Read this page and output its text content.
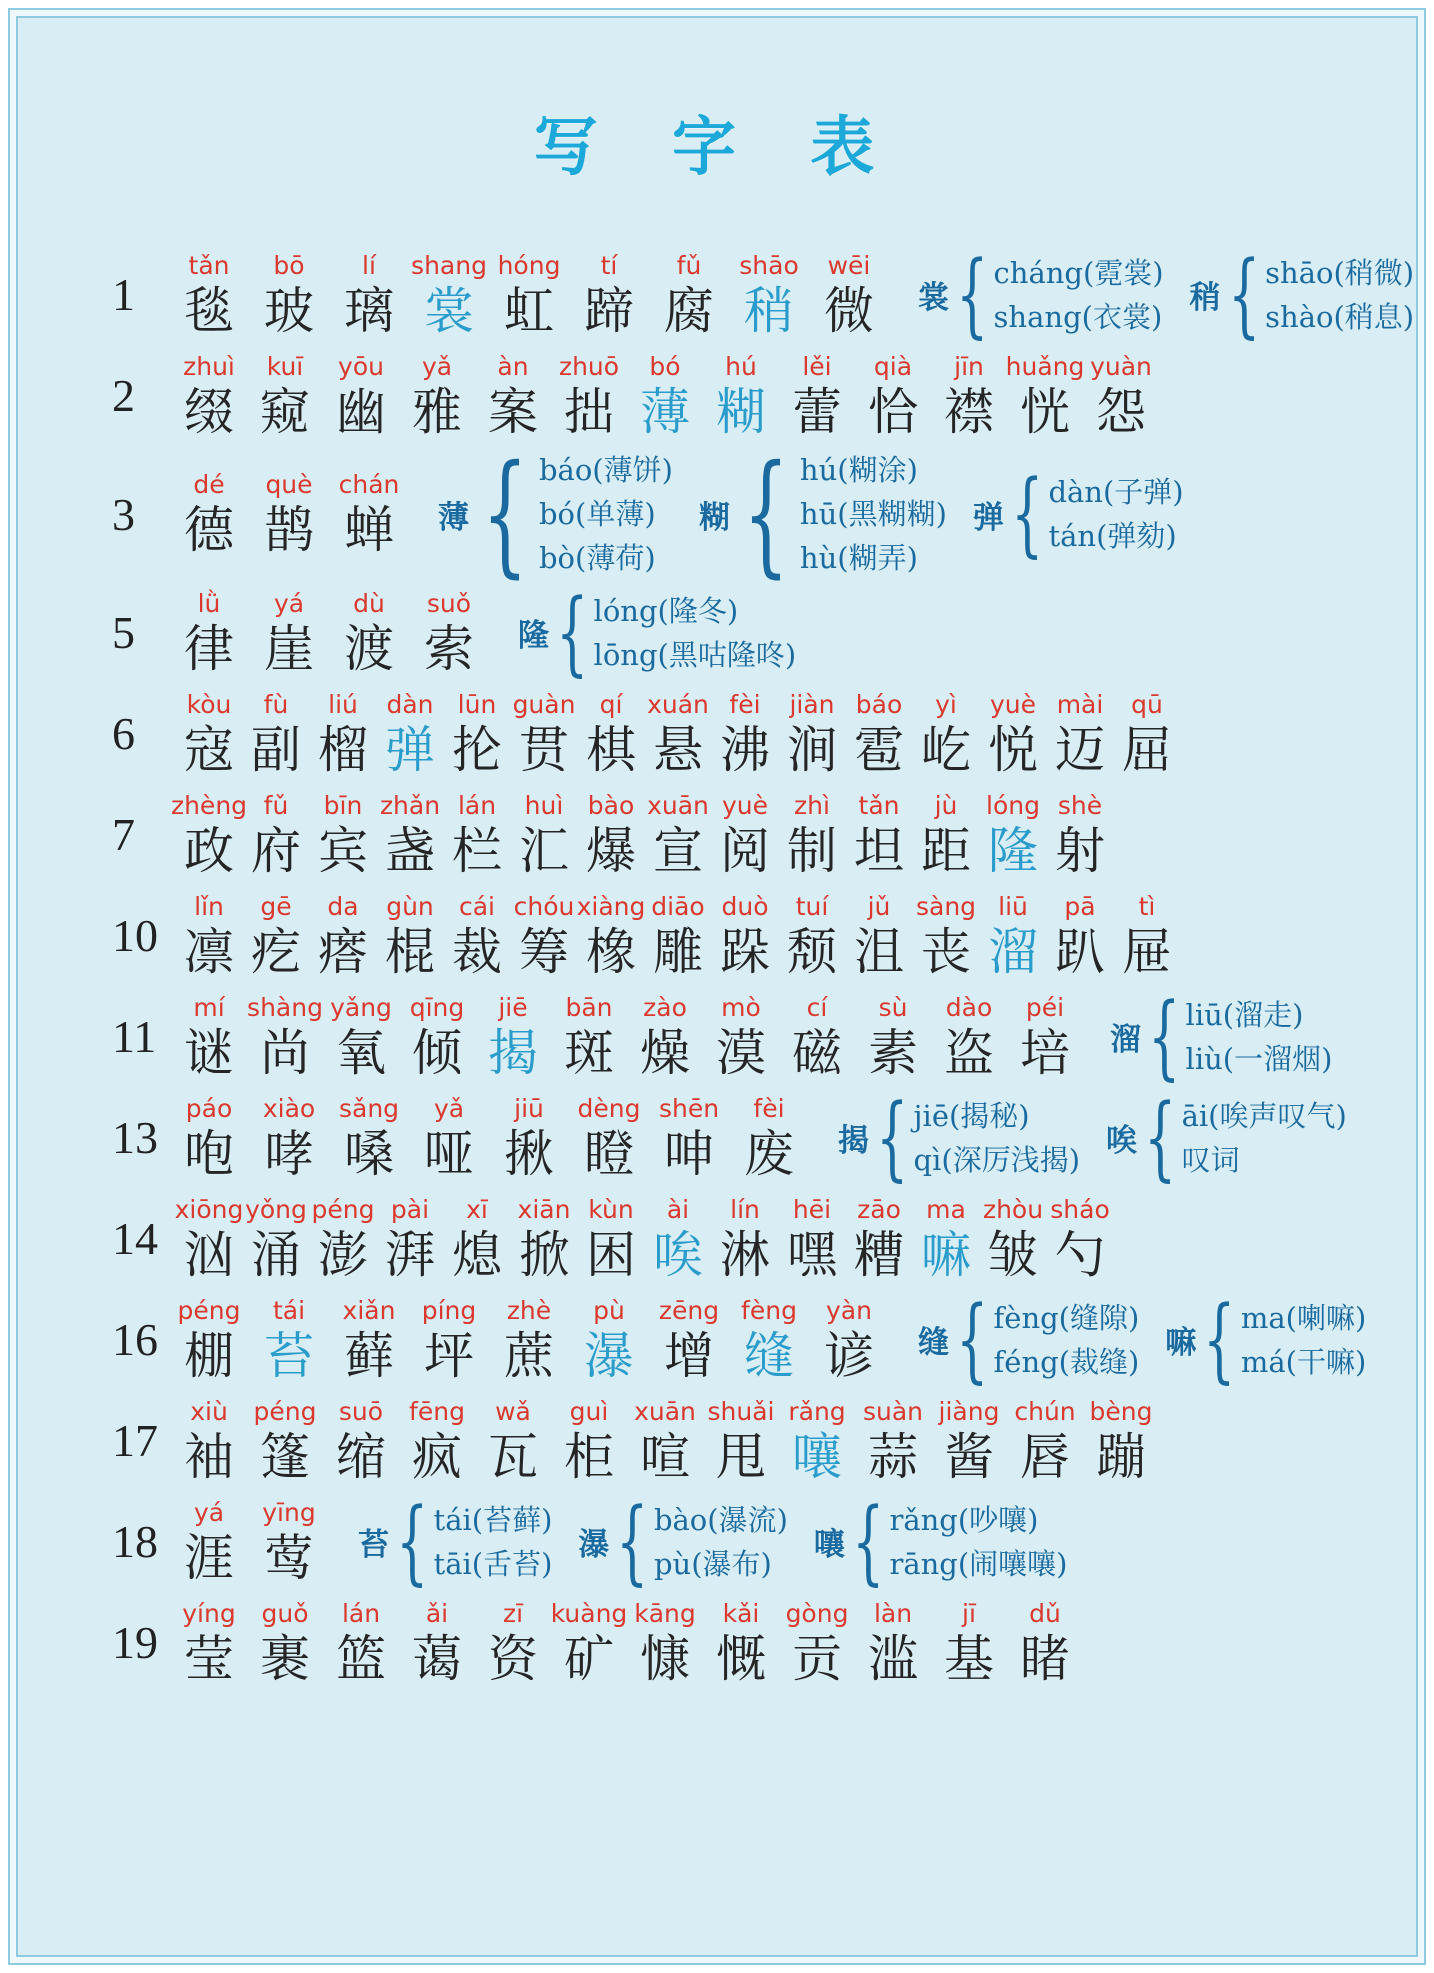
写 字 表
1
tǎn
毯
bō
玻
lí
璃
shang
裳
hóng
虹
tí
蹄
fǔ
腐
shāo
稍
wēi
微 裳 { cháng(霓裳)
shang(衣裳)
稍 { shāo(稍微)
shào(稍息)
2
zhuì
缀
kuī
窥
yōu
幽
yǎ
雅
àn
案
zhuō
拙
bó
薄
hú
糊
lěi
蕾
qià
恰
jīn
襟
huǎng
恍
yuàn
怨
3
dé
德
què
鹊
chán
蝉 薄 { báo(薄饼)
bó(单薄)
bò(薄荷)
糊 { hú(糊涂)
hū(黑糊糊)
hù(糊弄)
弹 { dàn(子弹)
tán(弹劾)
5
lǜ
律
yá
崖
dù
渡
suǒ
索 隆 { lóng(隆冬)
lōng(黑咕隆咚)
6
kòu
寇
fù
副
liú
榴
dàn
弹
lūn
抡
guàn
贯
qí
棋
xuán
悬
fèi
沸
jiàn
涧
báo
雹
yì
屹
yuè
悦
mài
迈
qū
屈
7
zhèng
政
fǔ
府
bīn
宾
zhǎn
盏
lán
栏
huì
汇
bào
爆
xuān
宣
yuè
阅
zhì
制
tǎn
坦
jù
距
lóng
隆
shè
射
10
lǐn
凛
gē
疙
da
瘩
gùn
棍
cái
裁
chóu
筹
xiàng
橡
diāo
雕
duò
跺
tuí
颓
jǔ
沮
sàng
丧
liū
溜
pā
趴
tì
屉
11
mí
谜
shàng
尚
yǎng
氧
qīng
倾
jiē
揭
bān
斑
zào
燥
mò
漠
cí
磁
sù
素
dào
盗
péi
培 溜 { liū(溜走)
liù(一溜烟)
13
páo
咆
xiào
哮
sǎng
嗓
yǎ
哑
jiū
揪
dèng
瞪
shēn
呻
fèi
废 揭 { jiē(揭秘)
qì(深厉浅揭)
唉 { āi(唉声叹气)
叹词
14
xiōng
汹
yǒng
涌
péng
澎
pài
湃
xī
熄
xiān
掀
kùn
困
ài
唉
lín
淋
hēi
嘿
zāo
糟
ma
嘛
zhòu
皱
sháo
勺
16
péng
棚
tái
苔
xiǎn
藓
píng
坪
zhè
蔗
pù
瀑
zēng
增
fèng
缝
yàn
谚 缝 { fèng(缝隙)
féng(裁缝)
嘛 { ma(喇嘛)
má(干嘛)
17
xiù
袖
péng
篷
suō
缩
fēng
疯
wǎ
瓦
guì
柜
xuān
喧
shuǎi
甩
rǎng
嚷
suàn
蒜
jiàng
酱
chún
唇
bèng
蹦
18
yá
涯
yīng
莺 苔 { tái(苔藓)
tāi(舌苔)
瀑 { bào(瀑流)
pù(瀑布)
嚷 { rǎng(吵嚷)
rāng(闹嚷嚷)
19
yíng
莹
guǒ
裹
lán
篮
ǎi
蔼
zī
资
kuàng
矿
kāng
慷
kǎi
慨
gòng
贡
làn
滥
jī
基
dǔ
睹
